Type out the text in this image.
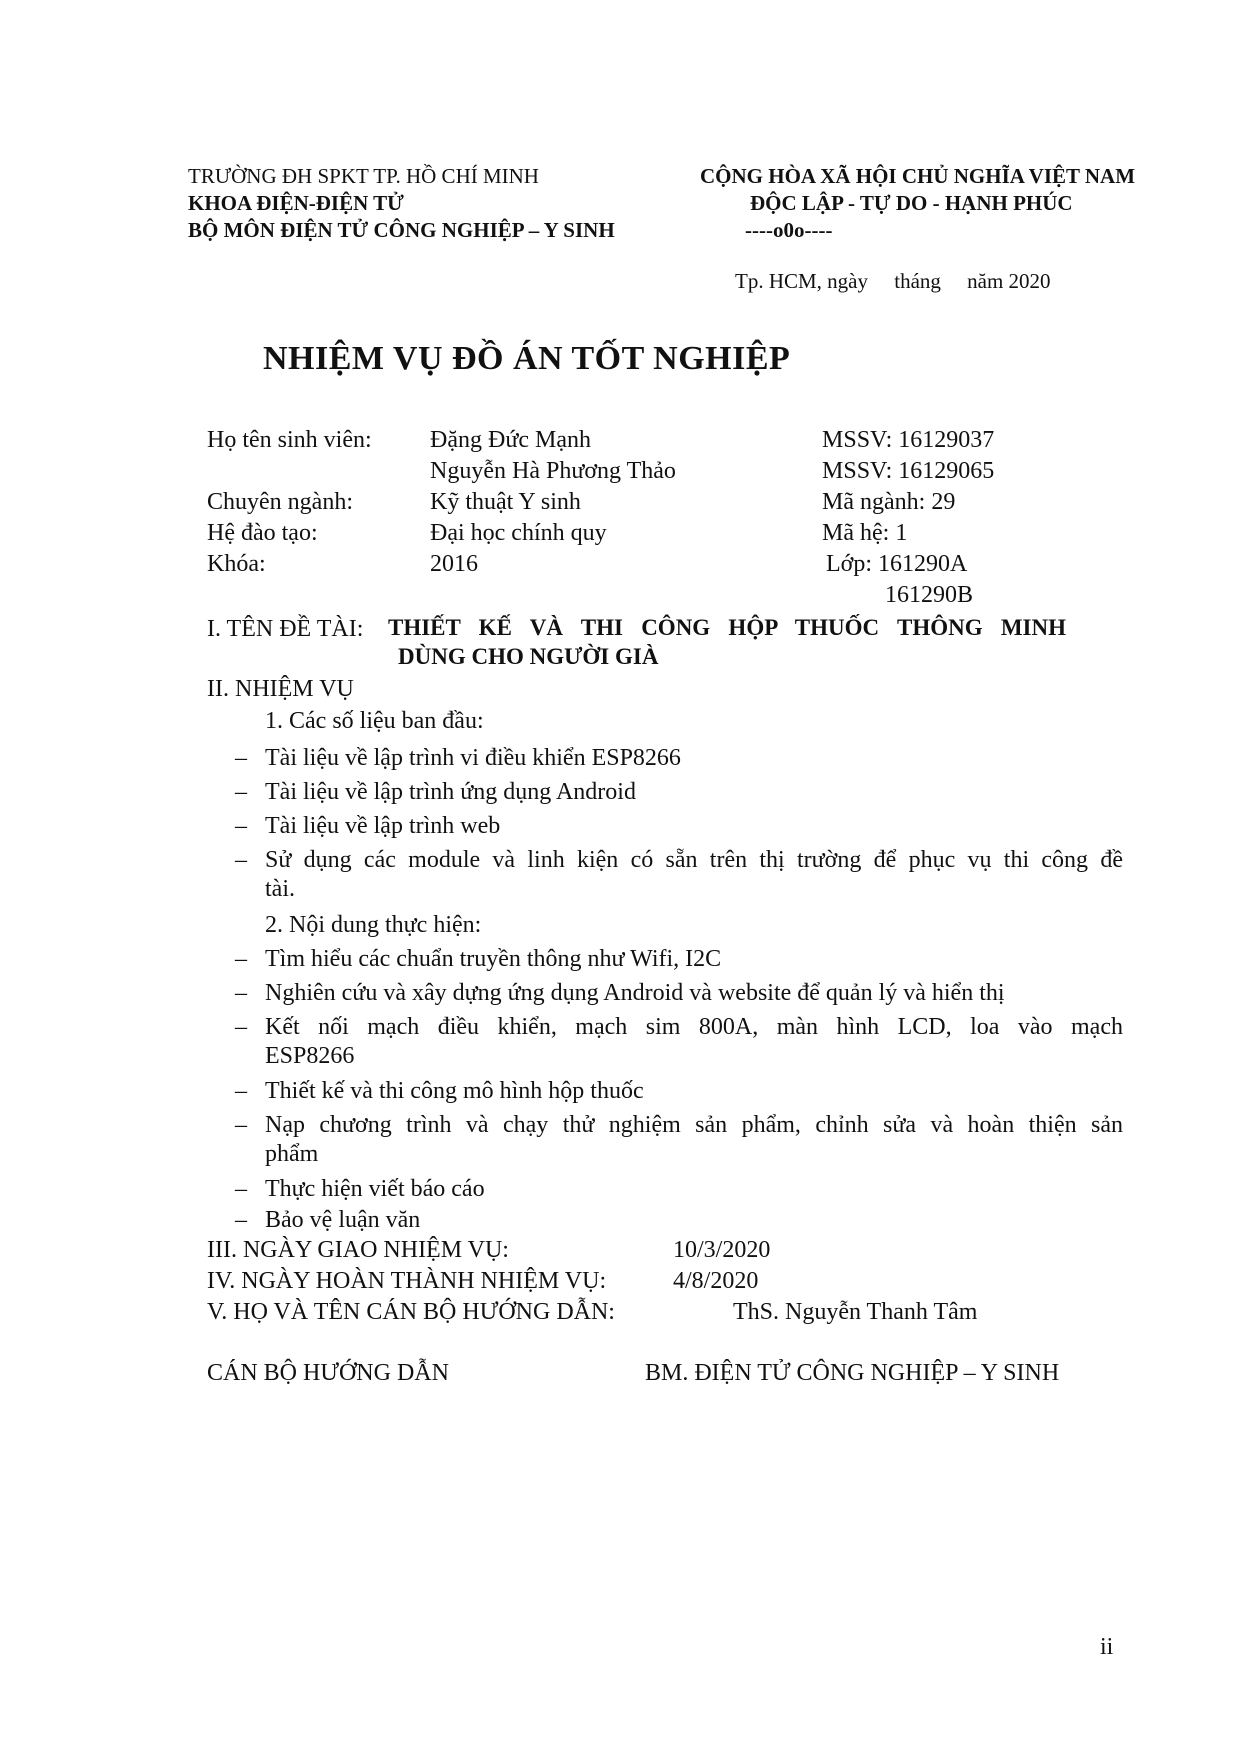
TRƯỜNG ĐH SPKT TP. HỒ CHÍ MINH
KHOA ĐIỆN-ĐIỆN TỬ
BỘ MÔN ĐIỆN TỬ CÔNG NGHIỆP – Y SINH
CỘNG HÒA XÃ HỘI CHỦ NGHĨA VIỆT NAM
ĐỘC LẬP - TỰ DO - HẠNH PHÚC
----o0o----
Tp. HCM, ngày     tháng     năm 2020
NHIỆM VỤ ĐỒ ÁN TỐT NGHIỆP
Họ tên sinh viên: Đặng Đức Mạnh	MSSV: 16129037
Nguyễn Hà Phương Thảo	MSSV: 16129065
Chuyên ngành:	Kỹ thuật Y sinh	Mã ngành: 29
Hệ đào tạo:	Đại học chính quy	Mã hệ: 1
Khóa:	2016	Lớp: 161290A
161290B
I. TÊN ĐỀ TÀI: THIẾT KẾ VÀ THI CÔNG HỘP THUỐC THÔNG MINH
DÙNG CHO NGƯỜI GIÀ
II. NHIỆM VỤ
1. Các số liệu ban đầu:
– Tài liệu về lập trình vi điều khiển ESP8266
– Tài liệu về lập trình ứng dụng Android
– Tài liệu về lập trình web
– Sử dụng các module và linh kiện có sẵn trên thị trường để phục vụ thi công đề
tài.
2. Nội dung thực hiện:
– Tìm hiểu các chuẩn truyền thông như Wifi, I2C
– Nghiên cứu và xây dựng ứng dụng Android và website để quản lý và hiển thị
– Kết nối mạch điều khiển, mạch sim 800A, màn hình LCD, loa vào mạch
ESP8266
– Thiết kế và thi công mô hình hộp thuốc
– Nạp chương trình và chạy thử nghiệm sản phẩm, chỉnh sửa và hoàn thiện sản
phẩm
– Thực hiện viết báo cáo
– Bảo vệ luận văn
III. NGÀY GIAO NHIỆM VỤ:	10/3/2020
IV. NGÀY HOÀN THÀNH NHIỆM VỤ:	4/8/2020
V. HỌ VÀ TÊN CÁN BỘ HƯỚNG DẪN:	ThS. Nguyễn Thanh Tâm
CÁN BỘ HƯỚNG DẪN	BM. ĐIỆN TỬ CÔNG NGHIỆP – Y SINH
ii
